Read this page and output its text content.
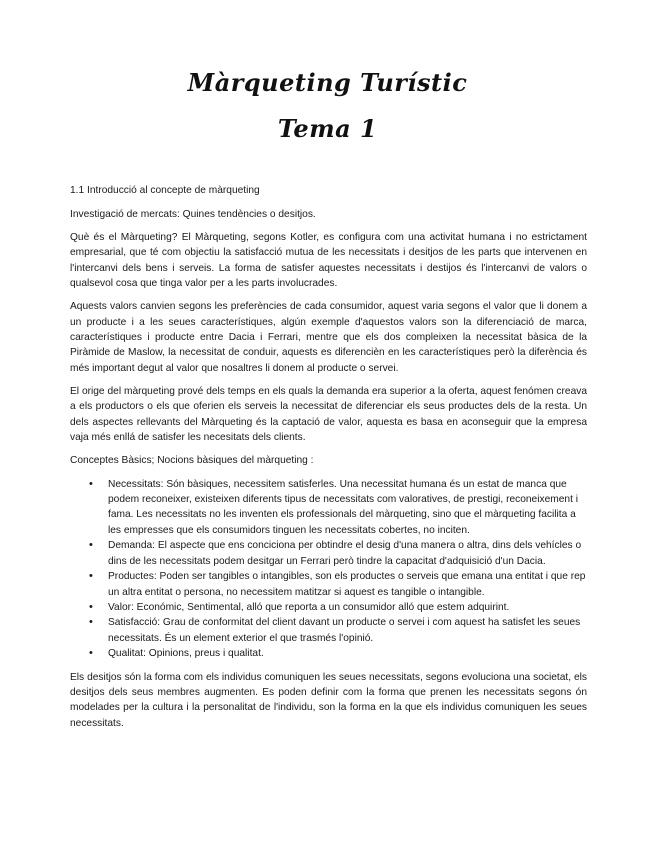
Màrqueting Turístic
Tema 1

1.1 Introducció al concepte de màrqueting

Investigació de mercats: Quines tendències o desitjos.

Què és el Màrqueting? El Màrqueting, segons Kotler, es configura com una activitat humana i no estrictament empresarial, que té com objectiu la satisfacció mutua de les necessitats i desitjos de les parts que intervenen en l'intercanvi dels bens i serveis. La forma de satisfer aquestes necessitats i destijos és l'intercanvi de valors o qualsevol cosa que tinga valor per a les parts involucrades.

Aquests valors canvien segons les preferències de cada consumidor, aquest varia segons el valor que li donem a un producte i a les seues característiques, algún exemple d'aquestos valors son la diferenciació de marca, característiques i producte entre Dacia i Ferrari, mentre que els dos compleixen la necessitat bàsica de la Piràmide de Maslow, la necessitat de conduir, aquests es diferencièn en les característiques però la diferència és més important degut al valor que nosaltres li donem al producte o servei.

El orige del màrqueting prové dels temps en els quals la demanda era superior a la oferta, aquest fenómen creava a els productors o els que oferien els serveis la necessitat de diferenciar els seus productes dels de la resta. Un dels aspectes rellevants del Màrqueting és la captació de valor, aquesta es basa en aconseguir que la empresa vaja més enllá de satisfer les necesitats dels clients.

Conceptes Bàsics; Nocions bàsiques del màrqueting :

• Necessitats: Són bàsiques, necessitem satisferles. Una necessitat humana és un estat de manca que podem reconeixer, existeixen diferents tipus de necessitats com valoratives, de prestigi, reconeixement i fama. Les necessitats no les inventen els professionals del màrqueting, sino que el màrqueting facilita a les empresses que els consumidors tinguen les necessitats cobertes, no inciten.
• Demanda: El aspecte que ens conciciona per obtindre el desig d'una manera o altra, dins dels vehícles o dins de les necessitats podem desitgar un Ferrari però tindre la capacitat d'adquisició d'un Dacia.
• Productes: Poden ser tangibles o intangibles, son els productes o serveis que emana una entitat i que rep un altra entitat o persona, no necessitem matitzar si aquest es tangible o intangible.
• Valor: Económic, Sentimental, alló que reporta a un consumidor alló que estem adquirint.
• Satisfacció: Grau de conformitat del client davant un producte o servei i com aquest ha satisfet les seues necessitats. És un element exterior el que trasmés l'opinió.
• Qualitat: Opinions, preus i qualitat.

Els desitjos són la forma com els individus comuniquen les seues necessitats, segons evoluciona una societat, els desitjos dels seus membres augmenten. Es poden definir com la forma que prenen les necessitats segons ón modelades per la cultura i la personalitat de l'individu, son la forma en la que els individus comuniquen les seues necessitats.
